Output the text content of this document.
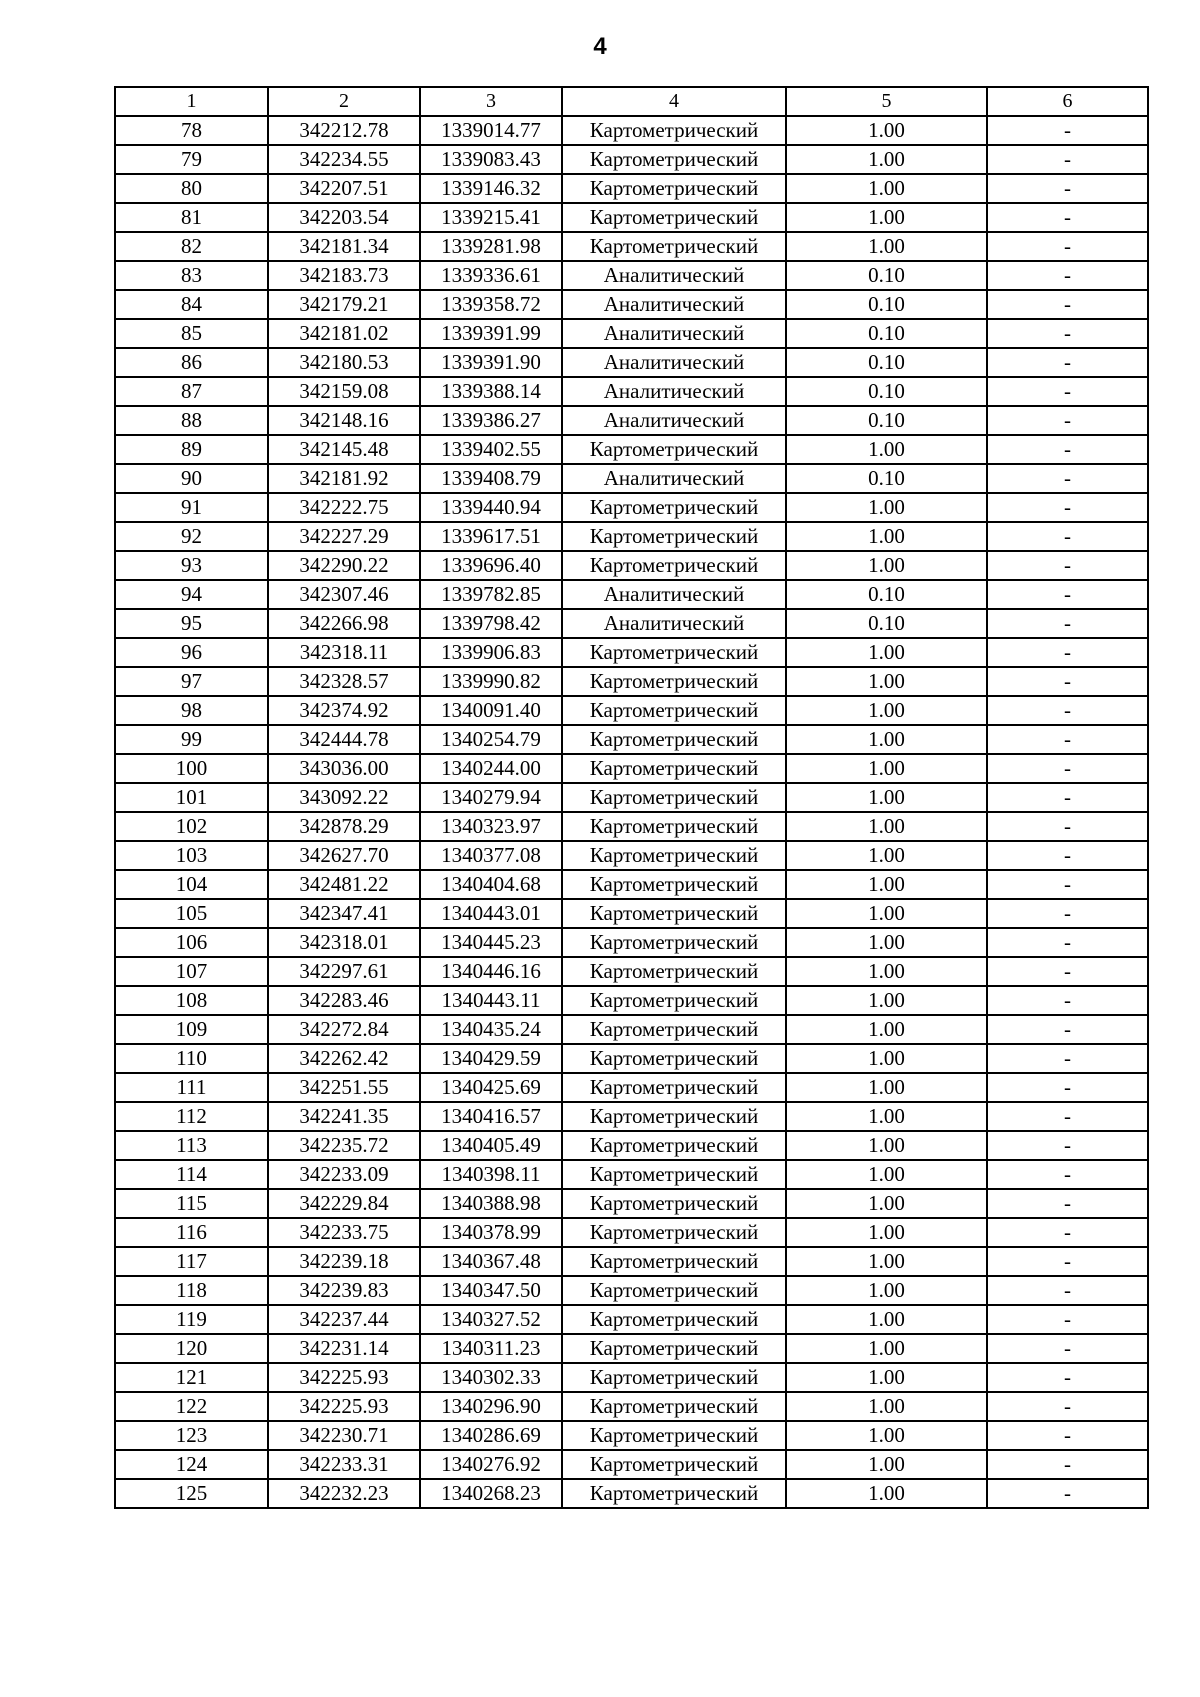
4
1	2	3	4	5	6
78	342212.78	1339014.77	Картометрический	1.00	-
79	342234.55	1339083.43	Картометрический	1.00	-
80	342207.51	1339146.32	Картометрический	1.00	-
81	342203.54	1339215.41	Картометрический	1.00	-
82	342181.34	1339281.98	Картометрический	1.00	-
83	342183.73	1339336.61	Аналитический	0.10	-
84	342179.21	1339358.72	Аналитический	0.10	-
85	342181.02	1339391.99	Аналитический	0.10	-
86	342180.53	1339391.90	Аналитический	0.10	-
87	342159.08	1339388.14	Аналитический	0.10	-
88	342148.16	1339386.27	Аналитический	0.10	-
89	342145.48	1339402.55	Картометрический	1.00	-
90	342181.92	1339408.79	Аналитический	0.10	-
91	342222.75	1339440.94	Картометрический	1.00	-
92	342227.29	1339617.51	Картометрический	1.00	-
93	342290.22	1339696.40	Картометрический	1.00	-
94	342307.46	1339782.85	Аналитический	0.10	-
95	342266.98	1339798.42	Аналитический	0.10	-
96	342318.11	1339906.83	Картометрический	1.00	-
97	342328.57	1339990.82	Картометрический	1.00	-
98	342374.92	1340091.40	Картометрический	1.00	-
99	342444.78	1340254.79	Картометрический	1.00	-
100	343036.00	1340244.00	Картометрический	1.00	-
101	343092.22	1340279.94	Картометрический	1.00	-
102	342878.29	1340323.97	Картометрический	1.00	-
103	342627.70	1340377.08	Картометрический	1.00	-
104	342481.22	1340404.68	Картометрический	1.00	-
105	342347.41	1340443.01	Картометрический	1.00	-
106	342318.01	1340445.23	Картометрический	1.00	-
107	342297.61	1340446.16	Картометрический	1.00	-
108	342283.46	1340443.11	Картометрический	1.00	-
109	342272.84	1340435.24	Картометрический	1.00	-
110	342262.42	1340429.59	Картометрический	1.00	-
111	342251.55	1340425.69	Картометрический	1.00	-
112	342241.35	1340416.57	Картометрический	1.00	-
113	342235.72	1340405.49	Картометрический	1.00	-
114	342233.09	1340398.11	Картометрический	1.00	-
115	342229.84	1340388.98	Картометрический	1.00	-
116	342233.75	1340378.99	Картометрический	1.00	-
117	342239.18	1340367.48	Картометрический	1.00	-
118	342239.83	1340347.50	Картометрический	1.00	-
119	342237.44	1340327.52	Картометрический	1.00	-
120	342231.14	1340311.23	Картометрический	1.00	-
121	342225.93	1340302.33	Картометрический	1.00	-
122	342225.93	1340296.90	Картометрический	1.00	-
123	342230.71	1340286.69	Картометрический	1.00	-
124	342233.31	1340276.92	Картометрический	1.00	-
125	342232.23	1340268.23	Картометрический	1.00	-
